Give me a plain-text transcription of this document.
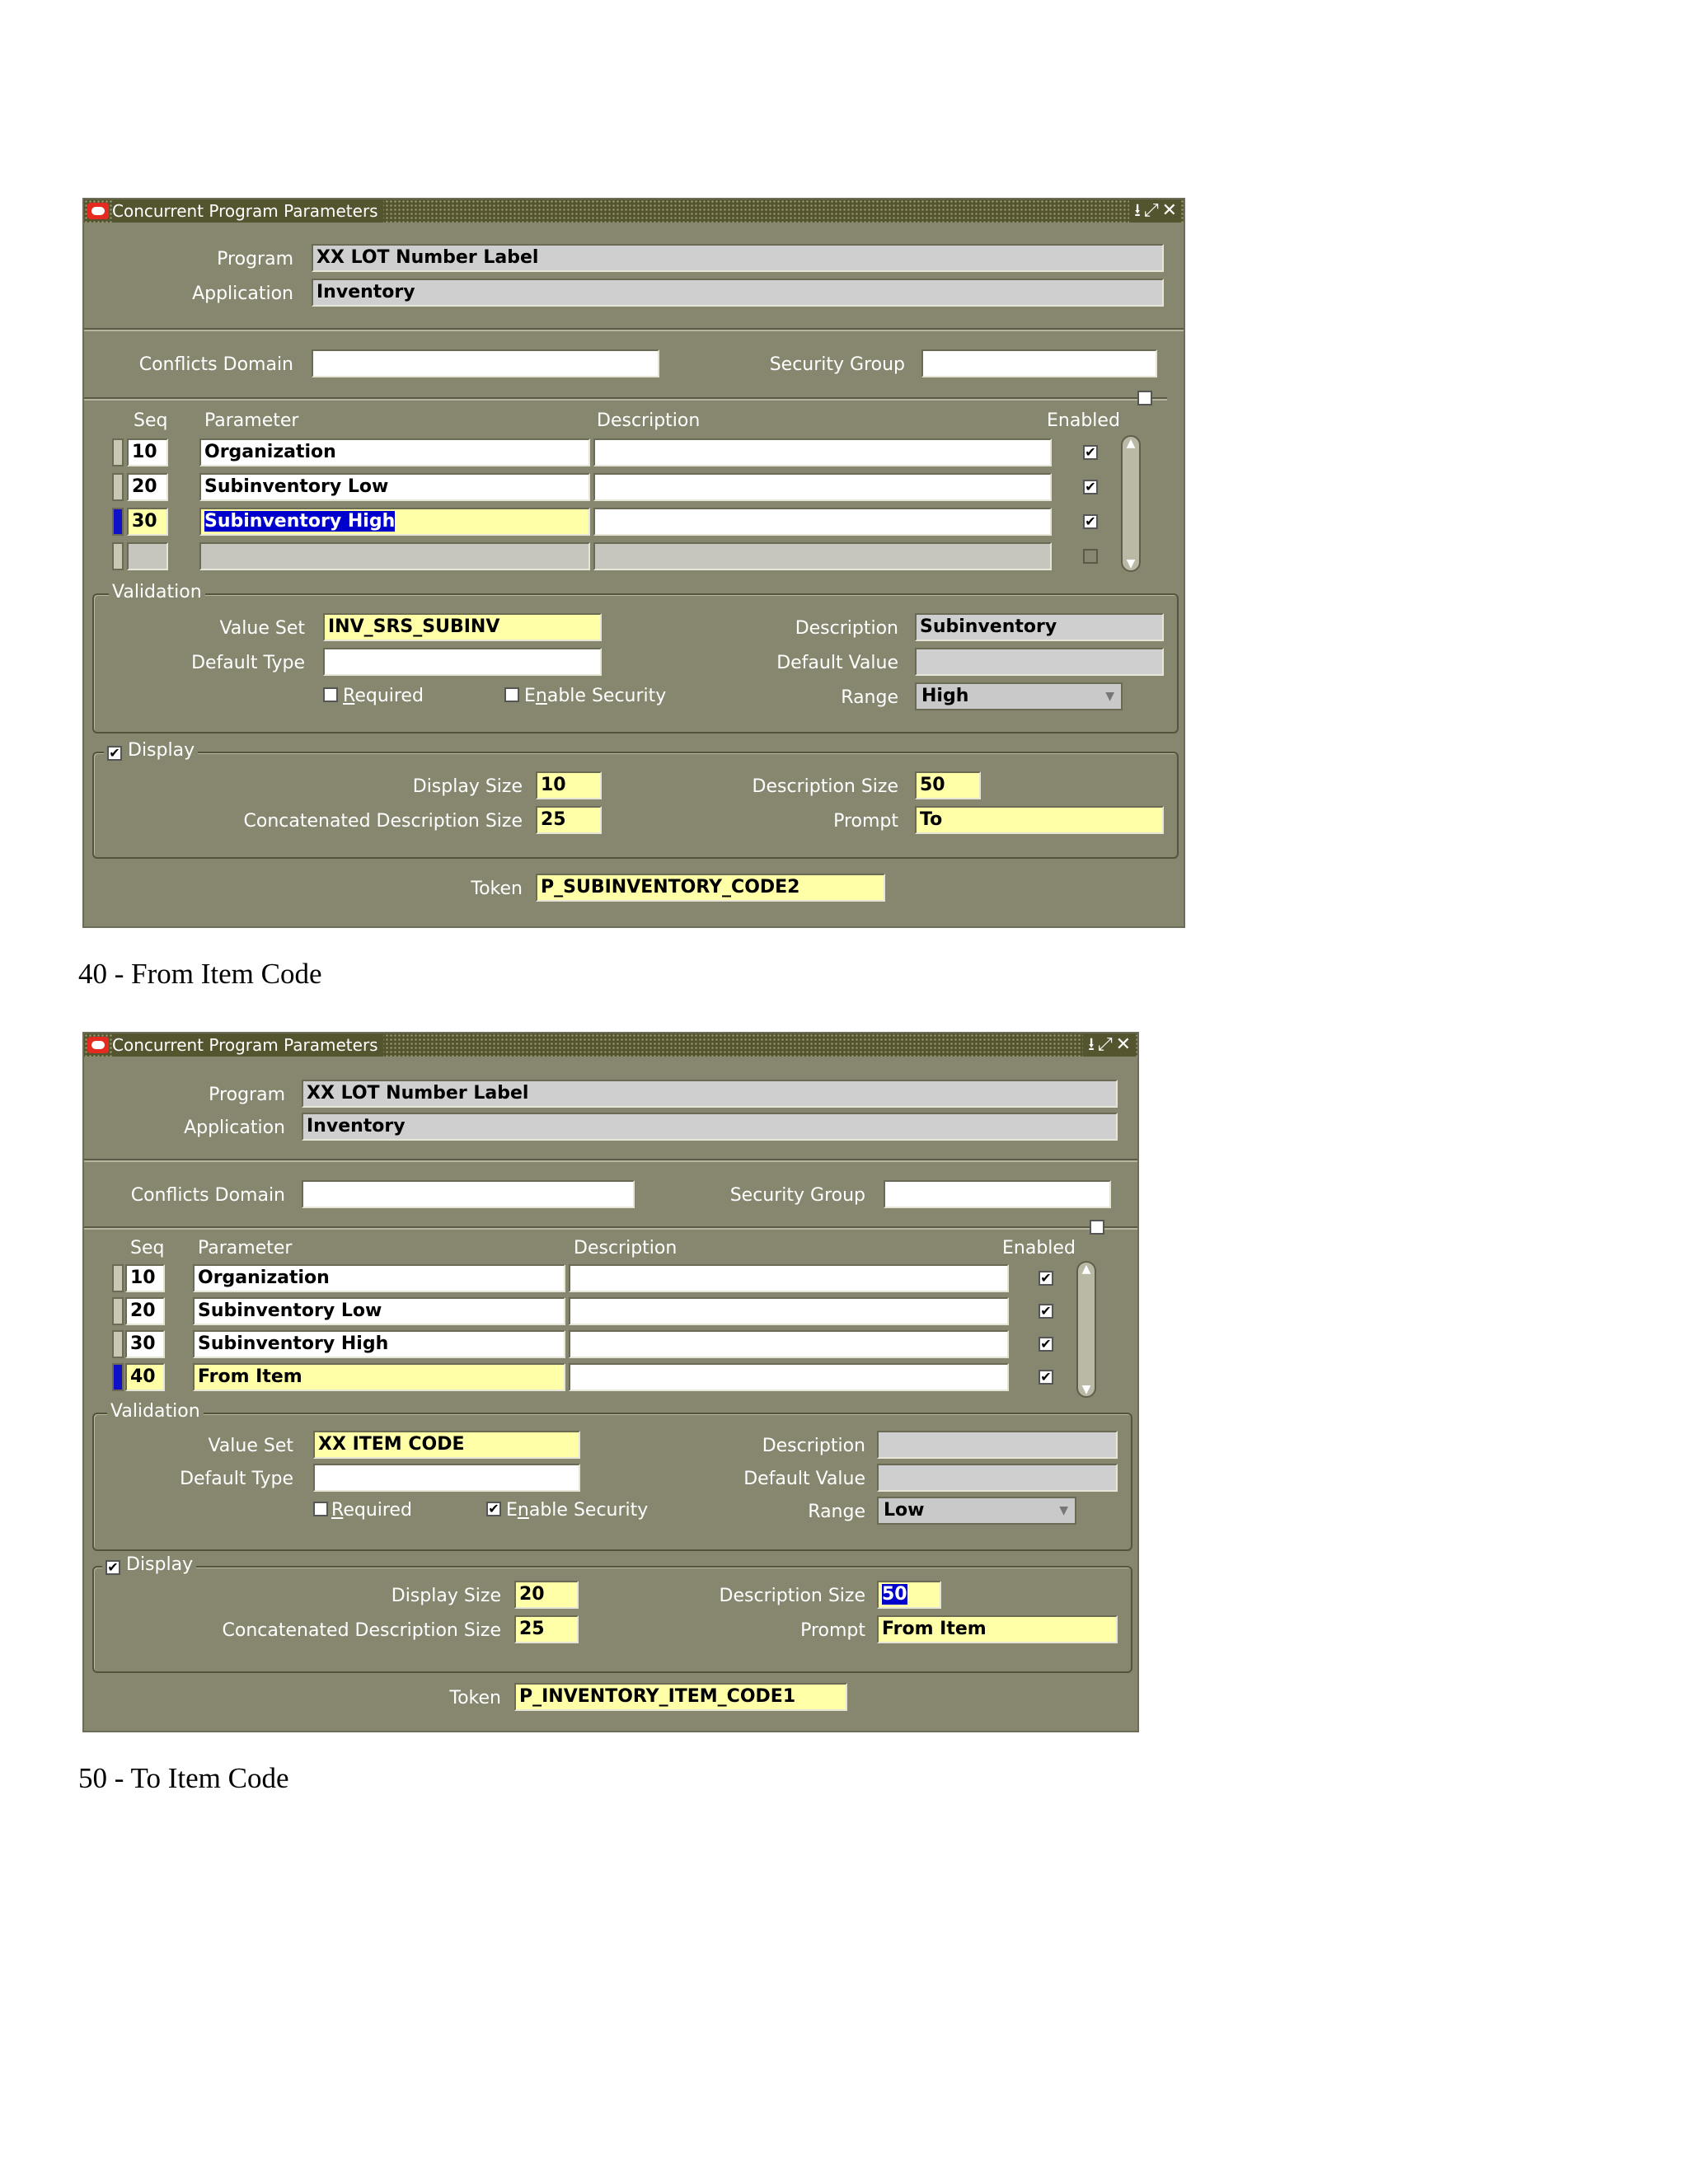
Concurrent Program Parameters	⭳⤢✕
Program XX LOT Number Label
Application Inventory
Conflicts Domain	Security Group
Seq Parameter	Description	Enabled
10	Organization	✔
20	Subinventory Low	✔
30	Subinventory High	✔
▲
▼
Validation
Value Set INV_SRS_SUBINV
Default Type
Required	Enable Security
Description Subinventory
Default Value
Range	High	▼
✔ Display
Display Size 10
Concatenated Description Size 25
Description Size 50
Prompt To
Token P_SUBINVENTORY_CODE2
40 - From Item Code
Concurrent Program Parameters	⭳⤢✕
Program XX LOT Number Label
Application Inventory
Conflicts Domain	Security Group
Seq Parameter	Description	Enabled
10	Organization	✔
20	Subinventory Low	✔
30	Subinventory High	✔
40	From Item	✔
▲
▼
Validation
Value Set XX ITEM CODE
Default Type
Required	✔ Enable Security
Description
Default Value
Range	Low	▼
✔ Display
Display Size 20
Concatenated Description Size 25
Description Size 50
Prompt From Item
Token P_INVENTORY_ITEM_CODE1
50 - To Item Code
